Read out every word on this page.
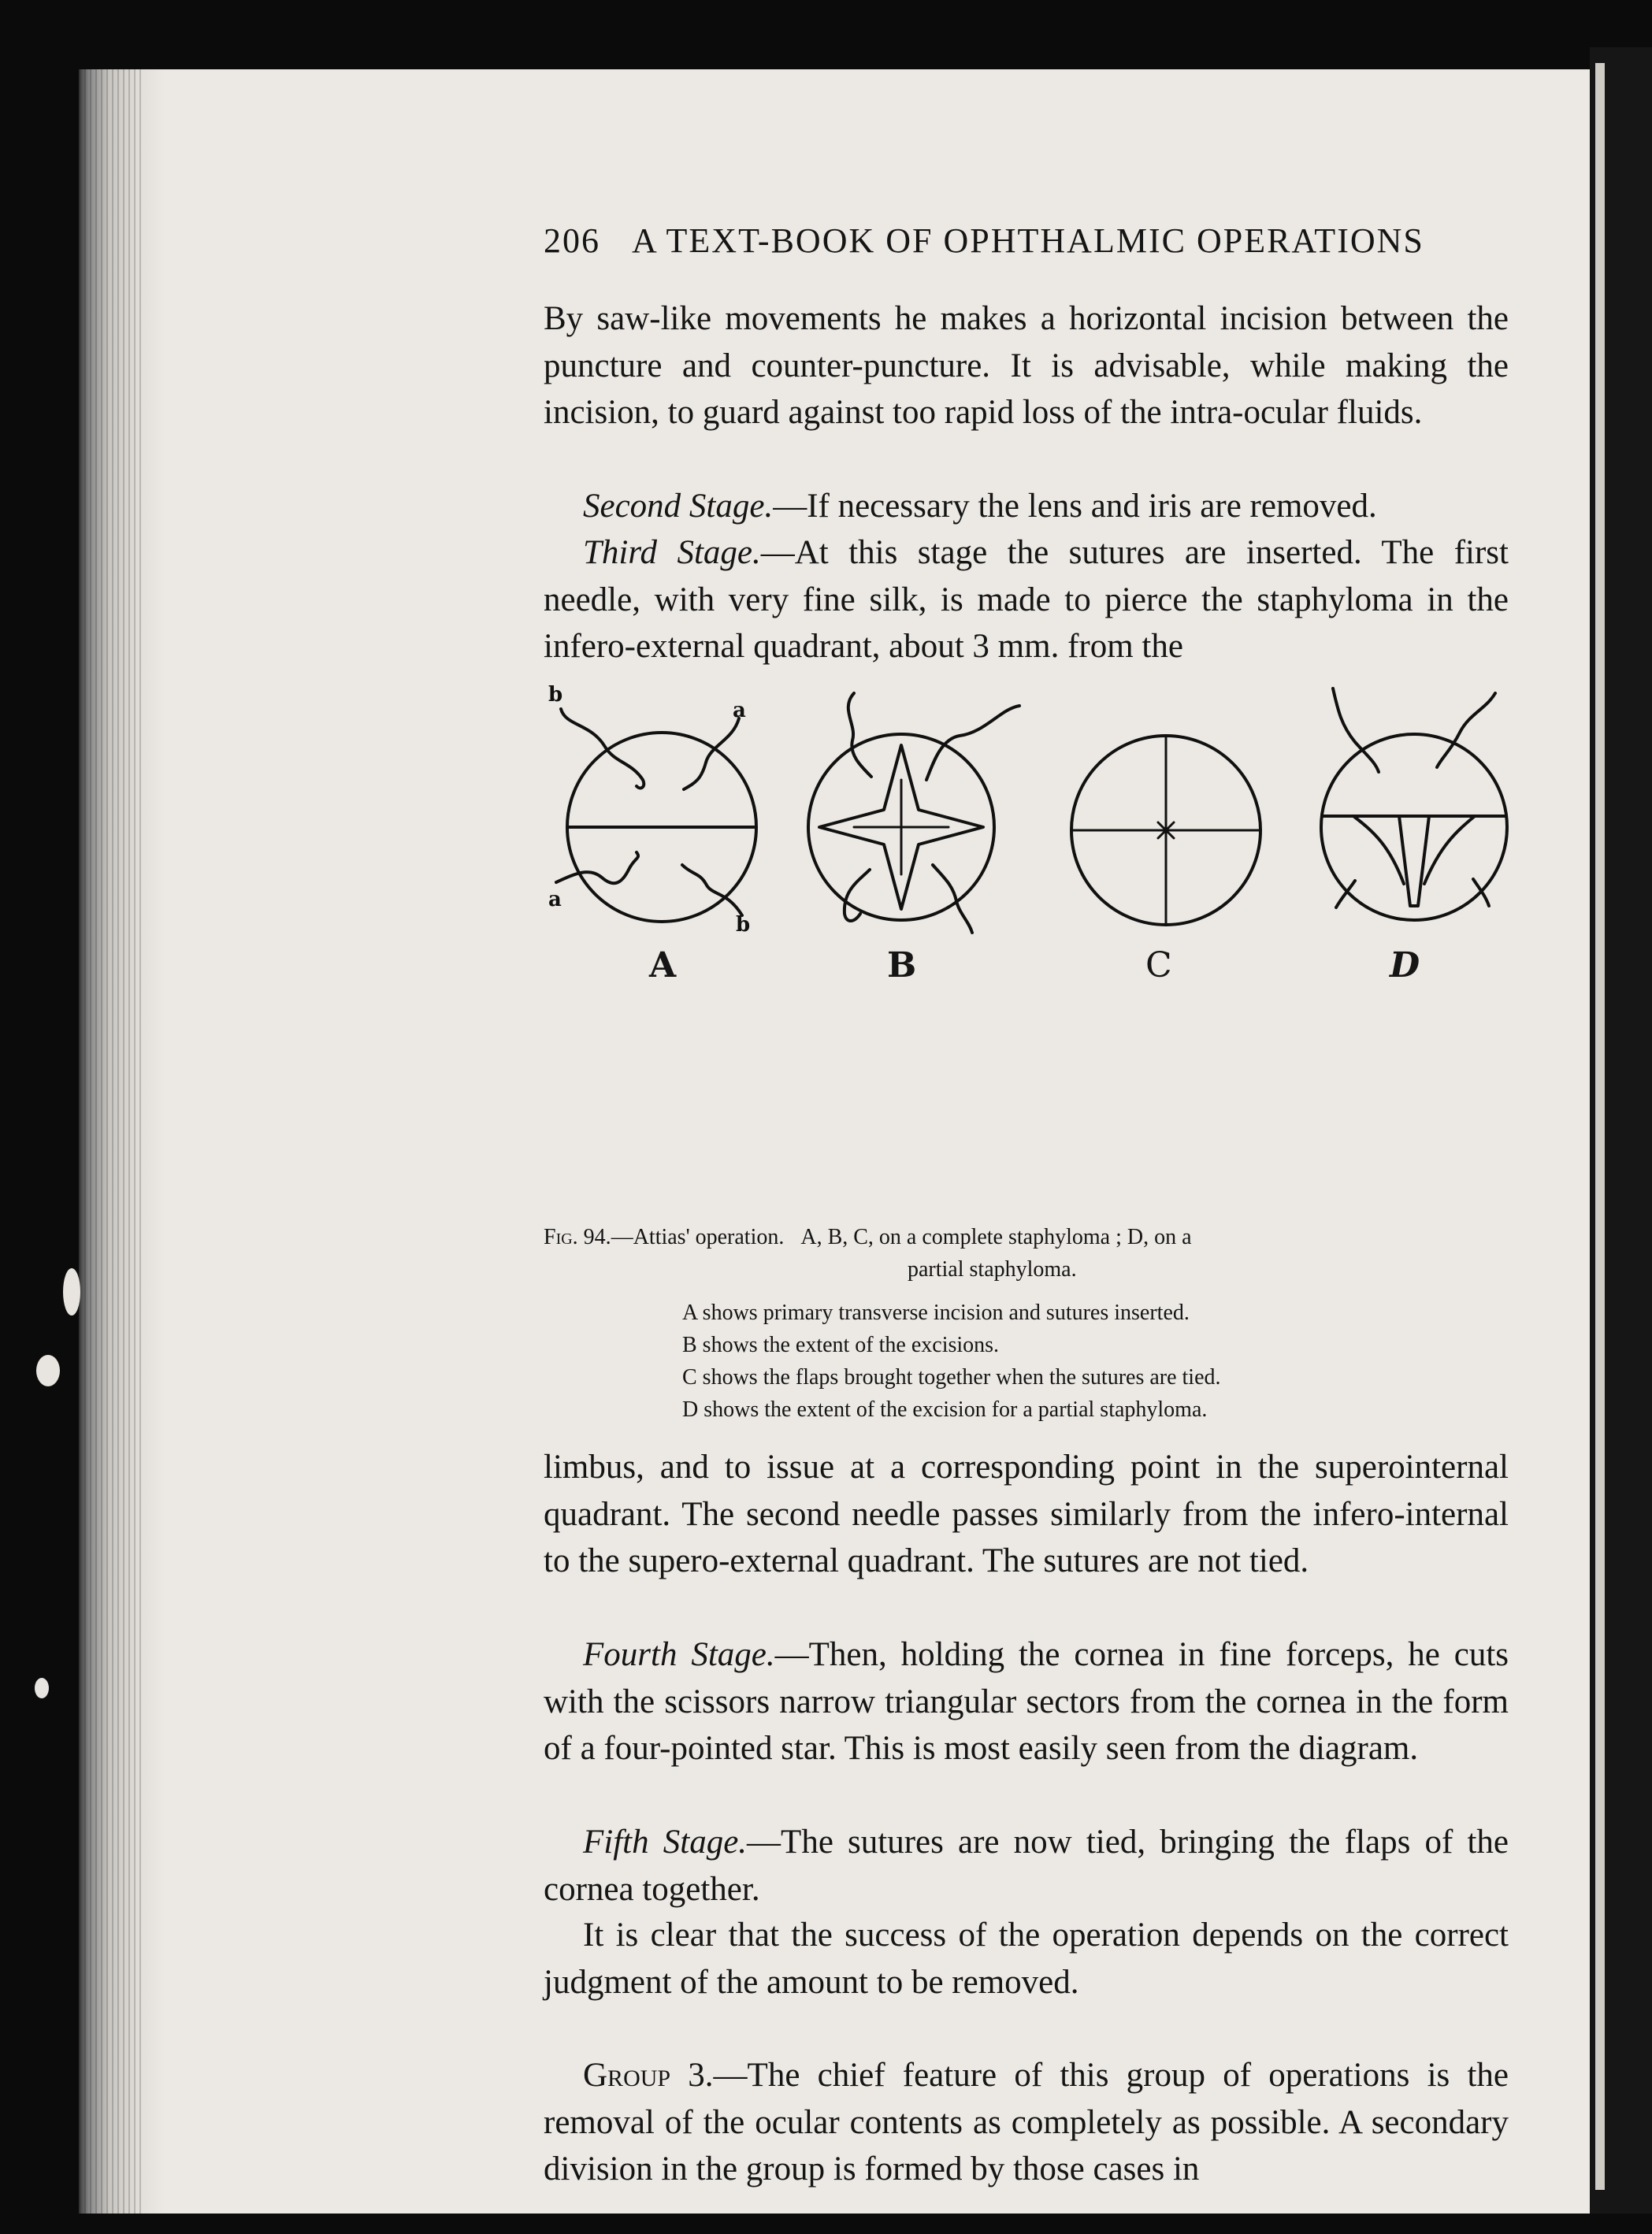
206 A TEXT-BOOK OF OPHTHALMIC OPERATIONS
By saw-like movements he makes a horizontal incision between the puncture and counter-puncture. It is advisable, while making the incision, to guard against too rapid loss of the intra-ocular fluids.
Second Stage.—If necessary the lens and iris are removed.
Third Stage.—At this stage the sutures are inserted. The first needle, with very fine silk, is made to pierce the staphyloma in the infero-external quadrant, about 3 mm. from the
b
a
a
b
A	B	C	D
Fig. 94.—Attias' operation. A, B, C, on a complete staphyloma ; D, on a
partial staphyloma.
A shows primary transverse incision and sutures inserted.
B shows the extent of the excisions.
C shows the flaps brought together when the sutures are tied.
D shows the extent of the excision for a partial staphyloma.
limbus, and to issue at a corresponding point in the superointernal quadrant. The second needle passes similarly from the infero-internal to the supero-external quadrant. The sutures are not tied.
Fourth Stage.—Then, holding the cornea in fine forceps, he cuts with the scissors narrow triangular sectors from the cornea in the form of a four-pointed star. This is most easily seen from the diagram.
Fifth Stage.—The sutures are now tied, bringing the flaps of the cornea together.
It is clear that the success of the operation depends on the correct judgment of the amount to be removed.
Group 3.—The chief feature of this group of operations is the removal of the ocular contents as completely as possible. A secondary division in the group is formed by those cases in
